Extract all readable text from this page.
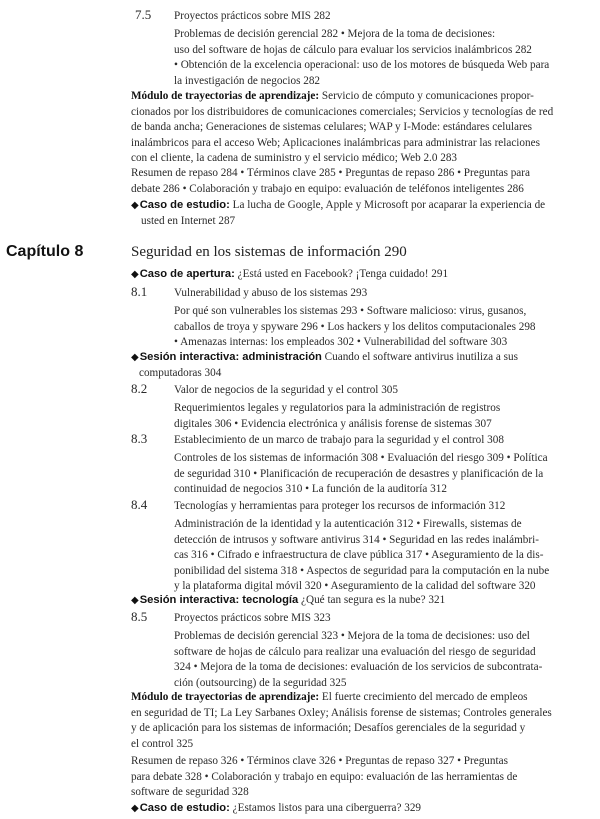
7.5 Proyectos prácticos sobre MIS 282
Problemas de decisión gerencial 282 • Mejora de la toma de decisiones:
uso del software de hojas de cálculo para evaluar los servicios inalámbricos 282
• Obtención de la excelencia operacional: uso de los motores de búsqueda Web para
la investigación de negocios 282
Módulo de trayectorias de aprendizaje: Servicio de cómputo y comunicaciones propor-
cionados por los distribuidores de comunicaciones comerciales; Servicios y tecnologías de red
de banda ancha; Generaciones de sistemas celulares; WAP y I-Mode: estándares celulares
inalámbricos para el acceso Web; Aplicaciones inalámbricas para administrar las relaciones
con el cliente, la cadena de suministro y el servicio médico; Web 2.0 283
Resumen de repaso 284 • Términos clave 285 • Preguntas de repaso 286 • Preguntas para
debate 286 • Colaboración y trabajo en equipo: evaluación de teléfonos inteligentes 286
◆Caso de estudio: La lucha de Google, Apple y Microsoft por acaparar la experiencia de
usted en Internet 287
Capítulo 8	Seguridad en los sistemas de información 290
◆Caso de apertura: ¿Está usted en Facebook? ¡Tenga cuidado! 291
8.1 Vulnerabilidad y abuso de los sistemas 293
Por qué son vulnerables los sistemas 293 • Software malicioso: virus, gusanos,
caballos de troya y spyware 296 • Los hackers y los delitos computacionales 298
• Amenazas internas: los empleados 302 • Vulnerabilidad del software 303
◆Sesión interactiva: administración Cuando el software antivirus inutiliza a sus
computadoras 304
8.2 Valor de negocios de la seguridad y el control 305
Requerimientos legales y regulatorios para la administración de registros
digitales 306 • Evidencia electrónica y análisis forense de sistemas 307
8.3 Establecimiento de un marco de trabajo para la seguridad y el control 308
Controles de los sistemas de información 308 • Evaluación del riesgo 309 • Política
de seguridad 310 • Planificación de recuperación de desastres y planificación de la
continuidad de negocios 310 • La función de la auditoría 312
8.4 Tecnologías y herramientas para proteger los recursos de información 312
Administración de la identidad y la autenticación 312 • Firewalls, sistemas de
detección de intrusos y software antivirus 314 • Seguridad en las redes inalámbri-
cas 316 • Cifrado e infraestructura de clave pública 317 • Aseguramiento de la dis-
ponibilidad del sistema 318 • Aspectos de seguridad para la computación en la nube
y la plataforma digital móvil 320 • Aseguramiento de la calidad del software 320
◆Sesión interactiva: tecnología ¿Qué tan segura es la nube? 321
8.5 Proyectos prácticos sobre MIS 323
Problemas de decisión gerencial 323 • Mejora de la toma de decisiones: uso del
software de hojas de cálculo para realizar una evaluación del riesgo de seguridad
324 • Mejora de la toma de decisiones: evaluación de los servicios de subcontrata-
ción (outsourcing) de la seguridad 325
Módulo de trayectorias de aprendizaje: El fuerte crecimiento del mercado de empleos
en seguridad de TI; La Ley Sarbanes Oxley; Análisis forense de sistemas; Controles generales
y de aplicación para los sistemas de información; Desafíos gerenciales de la seguridad y
el control 325
Resumen de repaso 326 • Términos clave 326 • Preguntas de repaso 327 • Preguntas
para debate 328 • Colaboración y trabajo en equipo: evaluación de las herramientas de
software de seguridad 328
◆Caso de estudio: ¿Estamos listos para una ciberguerra? 329
